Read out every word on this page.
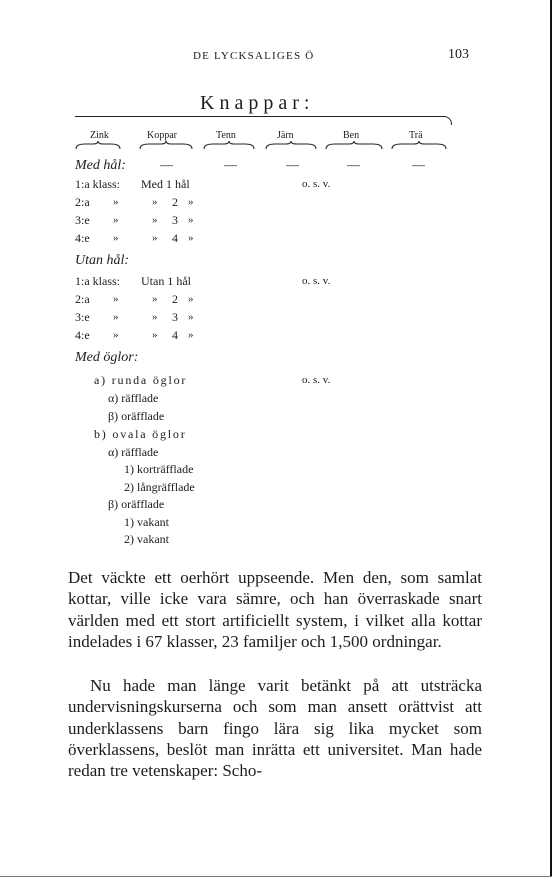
DE LYCKSALIGES Ö	103
Knappar:
Zink	Koppar	Tenn	Järn	Ben	Trä
Med hål:	—	—	—	—	—
1:a klass: Med 1 hål	o. s. v.
2:a »	» 2 »
3:e »	» 3 »
4:e »	» 4 »
Utan hål:
1:a klass: Utan 1 hål	o. s. v.
2:a »	» 2 »
3:e »	» 3 »
4:e »	» 4 »
Med öglor:
a) runda öglor	o. s. v.
α) räfflade
β) oräfflade
b) ovala öglor
α) räfflade
1) korträfflade
2) långräfflade
β) oräfflade
1) vakant
2) vakant

Det väckte ett oerhört uppseende. Men den, som samlat kottar, ville icke vara sämre, och han överraskade snart världen med ett stort artificiellt system, i vilket alla kottar indelades i 67 klasser, 23 familjer och 1,500 ordningar.

Nu hade man länge varit betänkt på att utsträcka undervisningskurserna och som man ansett orättvist att underklassens barn fingo lära sig lika mycket som överklassens, beslöt man inrätta ett universitet. Man hade redan tre vetenskaper: Scho-
